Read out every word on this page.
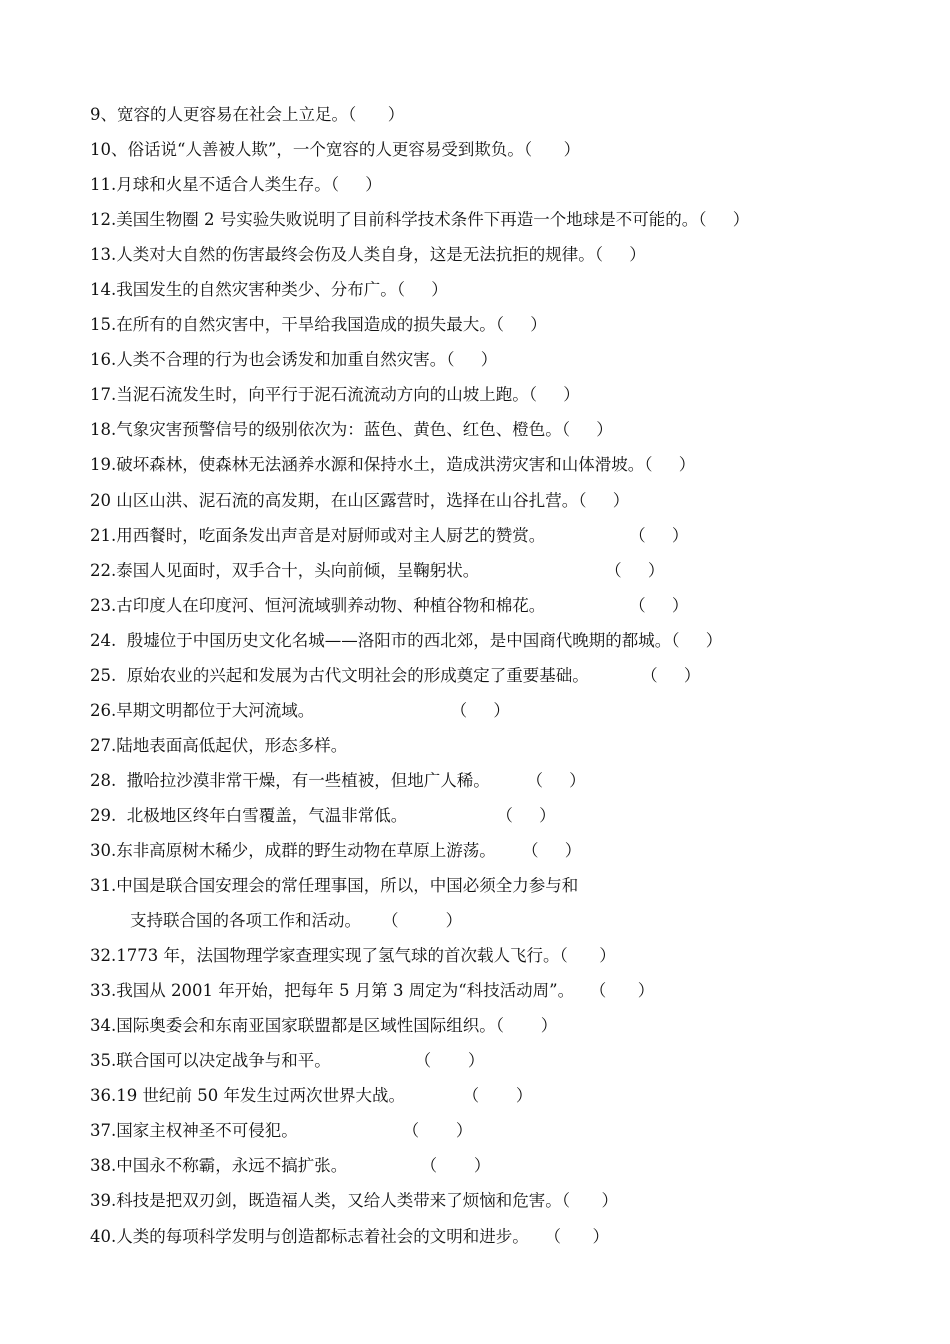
9、宽容的人更容易在社会上立足。（      ）
10、俗话说“人善被人欺”，一个宽容的人更容易受到欺负。（      ）
11.月球和火星不适合人类生存。（     ）
12.美国生物圈 2 号实验失败说明了目前科学技术条件下再造一个地球是不可能的。（     ）
13.人类对大自然的伤害最终会伤及人类自身，这是无法抗拒的规律。（     ）
14.我国发生的自然灾害种类少、分布广。（     ）
15.在所有的自然灾害中，干旱给我国造成的损失最大。（     ）
16.人类不合理的行为也会诱发和加重自然灾害。（     ）
17.当泥石流发生时，向平行于泥石流流动方向的山坡上跑。（     ）
18.气象灾害预警信号的级别依次为：蓝色、黄色、红色、橙色。（     ）
19.破坏森林，使森林无法涵养水源和保持水土，造成洪涝灾害和山体滑坡。（     ）
20 山区山洪、泥石流的高发期，在山区露营时，选择在山谷扎营。（     ）
21.用西餐时，吃面条发出声音是对厨师或对主人厨艺的赞赏。                （     ）
22.泰国人见面时，双手合十，头向前倾，呈鞠躬状。                        （     ）
23.古印度人在印度河、恒河流域驯养动物、种植谷物和棉花。                （     ）
24.  殷墟位于中国历史文化名城——洛阳市的西北郊，是中国商代晚期的都城。（     ）
25.  原始农业的兴起和发展为古代文明社会的形成奠定了重要基础。          （     ）
26.早期文明都位于大河流域。                          （     ）
27.陆地表面高低起伏，形态多样。
28.  撒哈拉沙漠非常干燥，有一些植被，但地广人稀。       （     ）
29.  北极地区终年白雪覆盖，气温非常低。                 （     ）
30.东非高原树木稀少，成群的野生动物在草原上游荡。     （     ）
31.中国是联合国安理会的常任理事国，所以，中国必须全力参与和
支持联合国的各项工作和活动。    （         ）
32.1773 年，法国物理学家查理实现了氢气球的首次载人飞行。（      ）
33.我国从 2001 年开始，把每年 5 月第 3 周定为“科技活动周”。   （      ）
34.国际奥委会和东南亚国家联盟都是区域性国际组织。（       ）
35.联合国可以决定战争与和平。                （       ）
36.19 世纪前 50 年发生过两次世界大战。           （       ）
37.国家主权神圣不可侵犯。                    （       ）
38.中国永不称霸，永远不搞扩张。              （       ）
39.科技是把双刃剑，既造福人类，又给人类带来了烦恼和危害。（      ）
40.人类的每项科学发明与创造都标志着社会的文明和进步。   （      ）
